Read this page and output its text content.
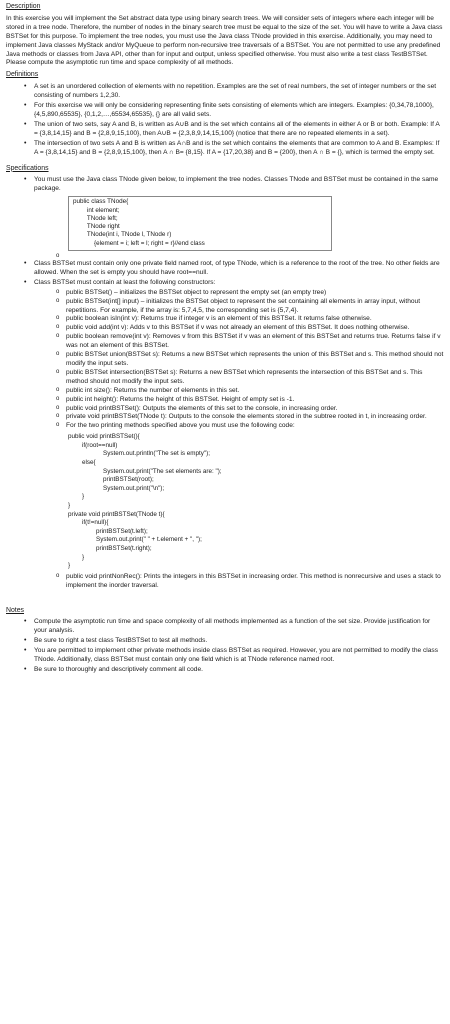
Description
In this exercise you will implement the Set abstract data type using binary search trees. We will consider sets of integers where each integer will be stored in a tree node. Therefore, the number of nodes in the binary search tree must be equal to the size of the set. You will have to write a Java class BSTSet for this purpose. To implement the tree nodes, you must use the Java class TNode provided in this exercise. Additionally, you may need to implement Java classes MyStack and/or MyQueue to perform non-recursive tree traversals of a BSTSet. You are not permitted to use any predefined Java methods or classes from Java API, other than for input and output, unless specified otherwise. You must also write a test class TestBSTSet. Please compute the asymptotic run time and space complexity of all methods.
Definitions
• A set is an unordered collection of elements with no repetition. Examples are the set of real numbers, the set of integer numbers or the set consisting of numbers 1,2,30.
• For this exercise we will only be considering representing finite sets consisting of elements which are integers. Examples: {0,34,78,1000}, {4,5,890,65535}, {0,1,2,…,65534,65535}, {} are all valid sets.
• The union of two sets, say A and B, is written as A∪B and is the set which contains all of the elements in either A or B or both. Example: If A = {3,8,14,15} and B = {2,8,9,15,100}, then A∪B = {2,3,8,9,14,15,100} (notice that there are no repeated elements in a set).
• The intersection of two sets A and B is written as A∩B and is the set which contains the elements that are common to A and B. Examples: If A = {3,8,14,15} and B = {2,8,9,15,100}, then A ∩ B= {8,15}. If A = {17,20,38} and B = {200}, then A ∩ B = {}, which is termed the empty set.
Specifications
• You must use the Java class TNode given below, to implement the tree nodes. Classes TNode and BSTSet must be contained in the same package.
public class TNode{
int element;
TNode left;
TNode right
TNode(int i, TNode l, TNode r)
{element = i; left = l; right = r}//end class
o
• Class BSTSet must contain only one private field named root, of type TNode, which is a reference to the root of the tree. No other fields are allowed. When the set is empty you should have root==null.
• Class BSTSet must contain at least the following constructors:
o public BSTSet() – initializes the BSTSet object to represent the empty set (an empty tree)
o public BSTSet(int[] input) – initializes the BSTSet object to represent the set containing all elements in array input, without repetitions. For example, if the array is: 5,7,4,5, the corresponding set is {5,7,4}.
o public boolean isIn(int v): Returns true if integer v is an element of this BSTSet. It returns false otherwise.
o public void add(int v): Adds v to this BSTSet if v was not already an element of this BSTSet. It does nothing otherwise.
o public boolean remove(int v): Removes v from this BSTSet if v was an element of this BSTSet and returns true. Returns false if v was not an element of this BSTSet.
o public BSTSet union(BSTSet s): Returns a new BSTSet which represents the union of this BSTSet and s. This method should not modify the input sets.
o public BSTSet intersection(BSTSet s): Returns a new BSTSet which represents the intersection of this BSTSet and s. This method should not modify the input sets.
o public int size(): Returns the number of elements in this set.
o public int height(): Returns the height of this BSTSet. Height of empty set is -1.
o public void printBSTSet(): Outputs the elements of this set to the console, in increasing order.
o private void printBSTSet(TNode t): Outputs to the console the elements stored in the subtree rooted in t, in increasing order.
o For the two printing methods specified above you must use the following code:
public void printBSTSet(){
if(root==null)
System.out.println("The set is empty");
else{
System.out.print("The set elements are: ");
printBSTSet(root);
System.out.print("\n");
}
}
private void printBSTSet(TNode t){
if(t!=null){
printBSTSet(t.left);
System.out.print(" " + t.element + ", ");
printBSTSet(t.right);
}
}
o public void printNonRec(): Prints the integers in this BSTSet in increasing order. This method is nonrecursive and uses a stack to implement the inorder traversal.
Notes
• Compute the asymptotic run time and space complexity of all methods implemented as a function of the set size. Provide justification for your analysis.
• Be sure to right a test class TestBSTSet to test all methods.
• You are permitted to implement other private methods inside class BSTSet as required. However, you are not permitted to modify the class TNode. Additionally, class BSTSet must contain only one field which is at TNode reference named root.
• Be sure to thoroughly and descriptively comment all code.
